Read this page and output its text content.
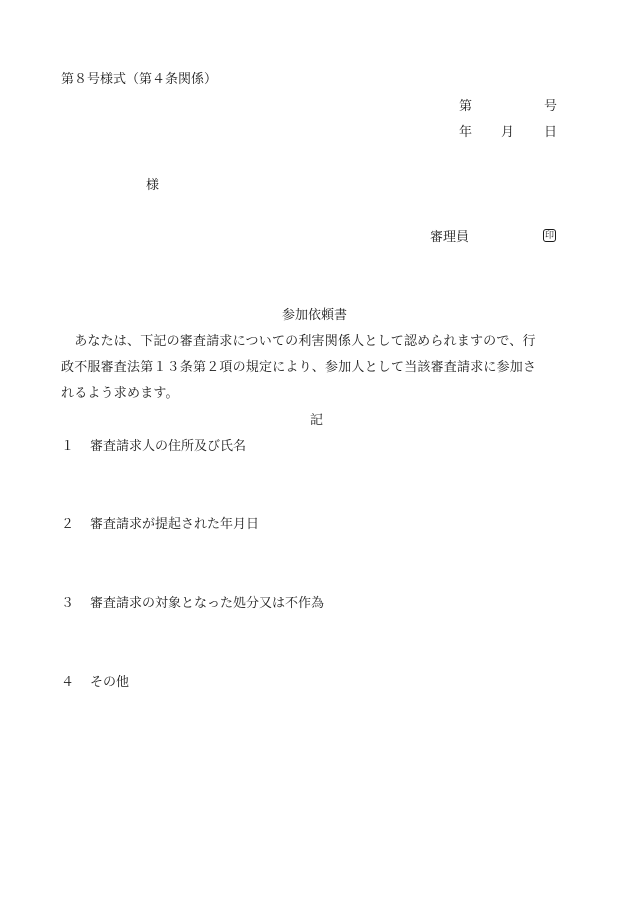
第８号様式（第４条関係）
第	号
年 月 日
様
審理員	印
参加依頼書
　あなたは、下記の審査請求についての利害関係人として認められますので、行
政不服審査法第１３条第２項の規定により、参加人として当該審査請求に参加さ
れるよう求めます。
記
１ 審査請求人の住所及び氏名
２ 審査請求が提起された年月日
３ 審査請求の対象となった処分又は不作為
４ その他
